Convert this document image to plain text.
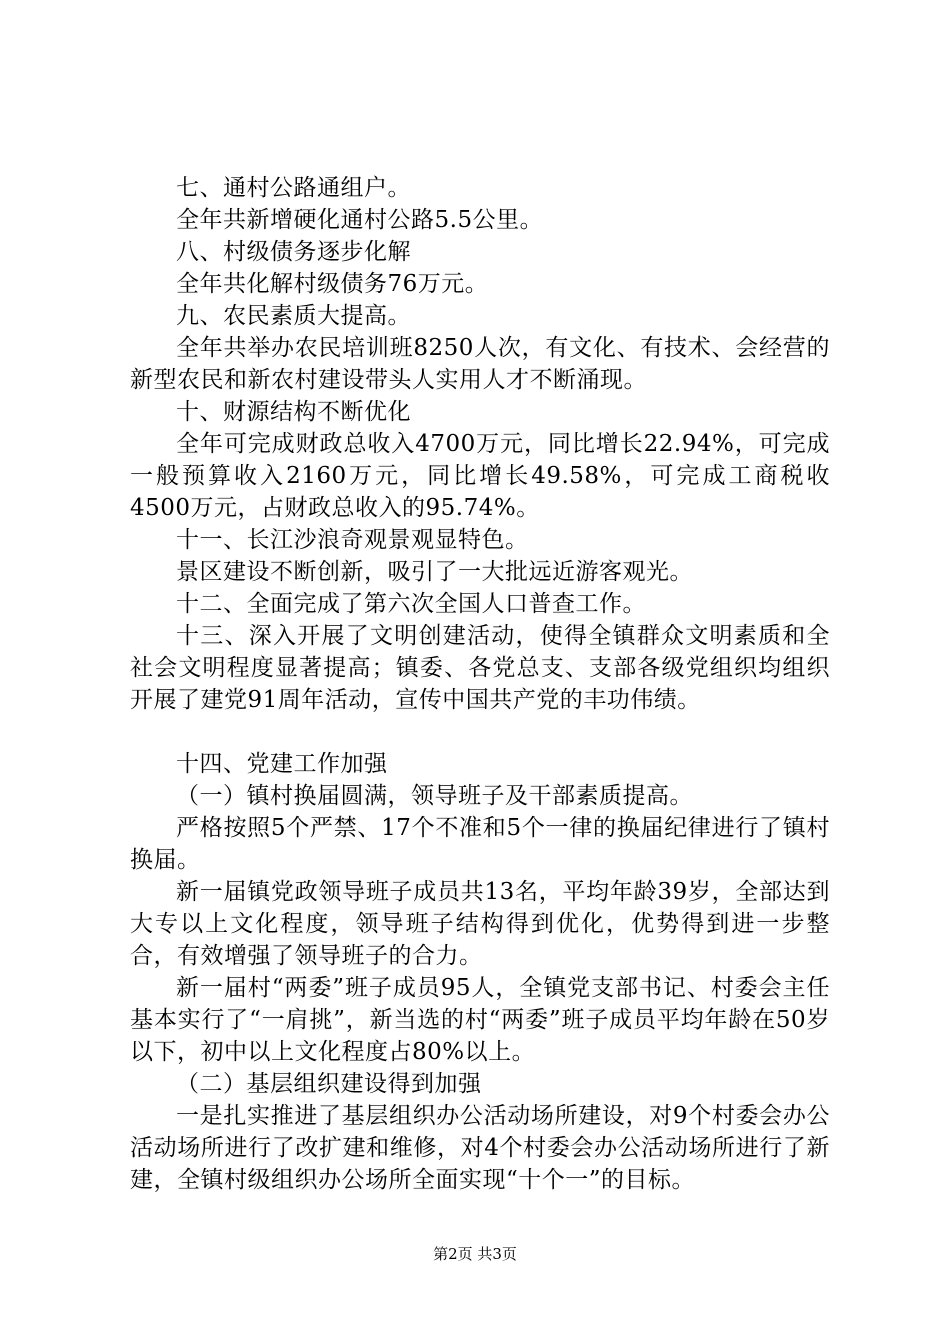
七、通村公路通组户。

全年共新增硬化通村公路5.5公里。

八、村级债务逐步化解

全年共化解村级债务76万元。

九、农民素质大提高。

全年共举办农民培训班8250人次，有文化、有技术、会经营的新型农民和新农村建设带头人实用人才不断涌现。

十、财源结构不断优化

全年可完成财政总收入4700万元，同比增长22.94%，可完成一般预算收入2160万元，同比增长49.58%，可完成工商税收4500万元，占财政总收入的95.74%。

十一、长江沙浪奇观景观显特色。

景区建设不断创新，吸引了一大批远近游客观光。

十二、全面完成了第六次全国人口普查工作。

十三、深入开展了文明创建活动，使得全镇群众文明素质和全社会文明程度显著提高；镇委、各党总支、支部各级党组织均组织开展了建党91周年活动，宣传中国共产党的丰功伟绩。

十四、党建工作加强

（一）镇村换届圆满，领导班子及干部素质提高。

严格按照5个严禁、17个不准和5个一律的换届纪律进行了镇村换届。

新一届镇党政领导班子成员共13名，平均年龄39岁，全部达到大专以上文化程度，领导班子结构得到优化，优势得到进一步整合，有效增强了领导班子的合力。

新一届村“两委”班子成员95人，全镇党支部书记、村委会主任基本实行了“一肩挑”，新当选的村“两委”班子成员平均年龄在50岁以下，初中以上文化程度占80%以上。

（二）基层组织建设得到加强

一是扎实推进了基层组织办公活动场所建设，对9个村委会办公活动场所进行了改扩建和维修，对4个村委会办公活动场所进行了新建，全镇村级组织办公场所全面实现“十个一”的目标。

第2页 共3页
